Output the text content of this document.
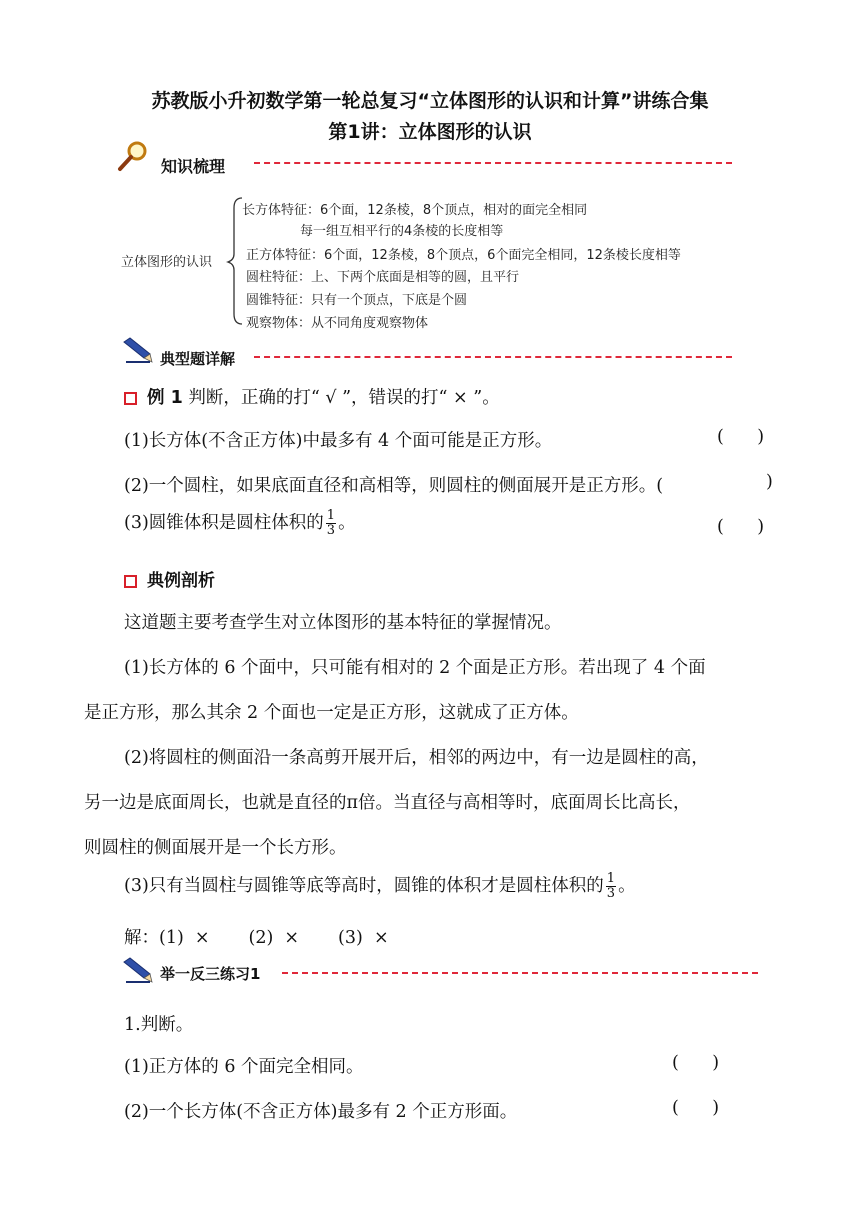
苏教版小升初数学第一轮总复习“立体图形的认识和计算”讲练合集
第1讲：立体图形的认识
知识梳理
立体图形的认识
长方体特征：6个面，12条棱，8个顶点，相对的面完全相同
每一组互相平行的4条棱的长度相等
正方体特征：6个面，12条棱，8个顶点，6个面完全相同，12条棱长度相等
圆柱特征：上、下两个底面是相等的圆，且平行
圆锥特征：只有一个顶点，下底是个圆
观察物体：从不同角度观察物体
典型题详解
例 1 判断，正确的打“ √ ”，错误的打“ × ”。
(1)长方体(不含正方体)中最多有 4 个面可能是正方形。	(      )
(2)一个圆柱，如果底面直径和高相等，则圆柱的侧面展开是正方形。(	)
(3)圆锥体积是圆柱体积的 $\frac{1}{3}$ 。	(      )
典例剖析
这道题主要考查学生对立体图形的基本特征的掌握情况。
(1)长方体的 6 个面中，只可能有相对的 2 个面是正方形。若出现了 4 个面
是正方形，那么其余 2 个面也一定是正方形，这就成了正方体。
(2)将圆柱的侧面沿一条高剪开展开后，相邻的两边中，有一边是圆柱的高，
另一边是底面周长，也就是直径的π倍。当直径与高相等时，底面周长比高长，
则圆柱的侧面展开是一个长方形。
(3)只有当圆柱与圆锥等底等高时，圆锥的体积才是圆柱体积的 $\frac{1}{3}$ 。
解：(1)  ×       (2)  ×       (3)  ×
举一反三练习1
1.判断。
(1)正方体的 6 个面完全相同。	(      )
(2)一个长方体(不含正方体)最多有 2 个正方形面。	(      )
